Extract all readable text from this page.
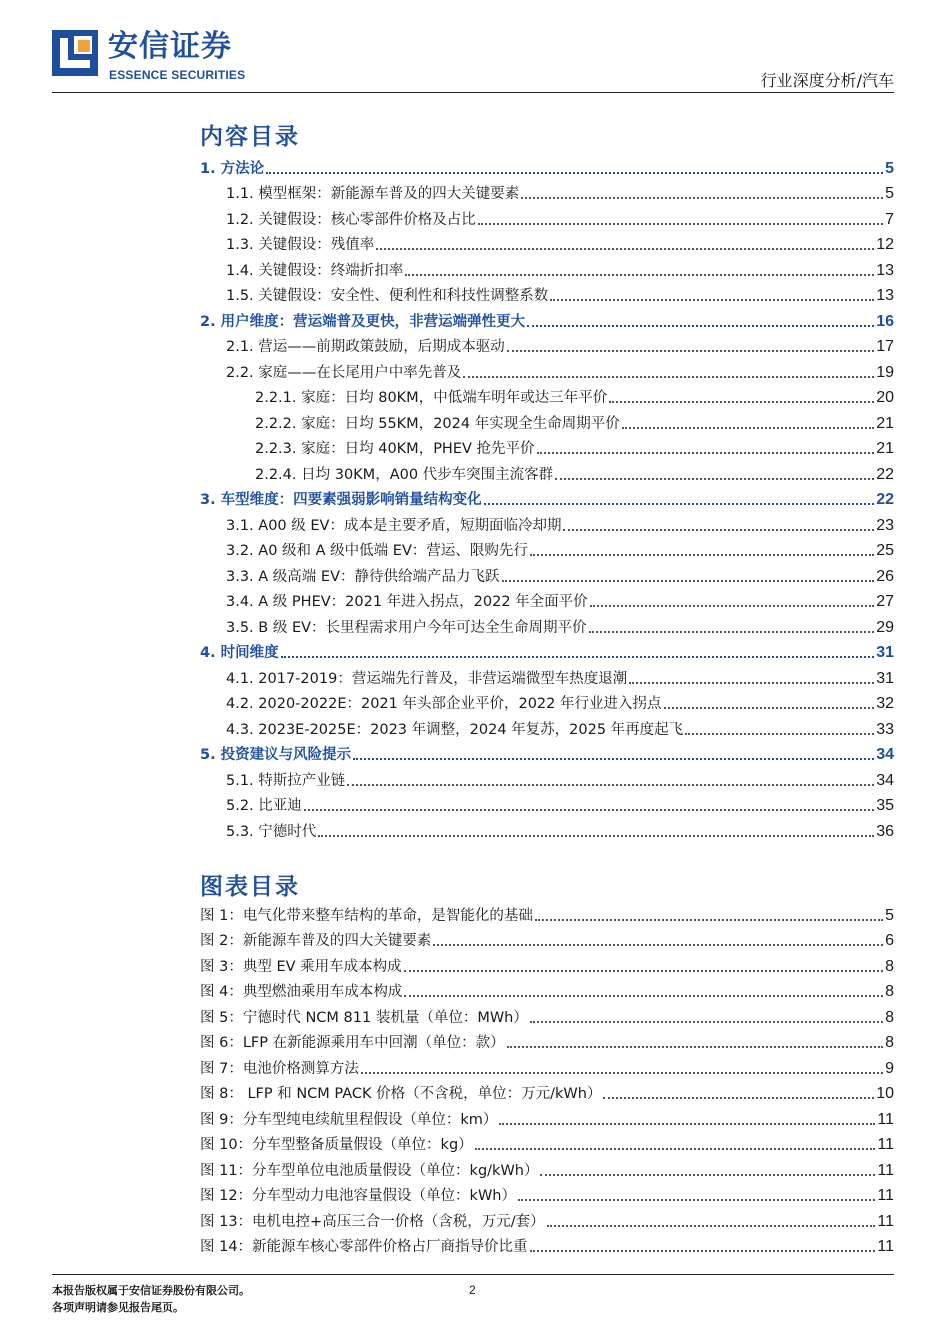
安信证券
ESSENCE SECURITIES	行业深度分析/汽车
内容目录
1. 方法论	5
1.1. 模型框架：新能源车普及的四大关键要素	5
1.2. 关键假设：核心零部件价格及占比	7
1.3. 关键假设：残值率	12
1.4. 关键假设：终端折扣率	13
1.5. 关键假设：安全性、便利性和科技性调整系数	13
2. 用户维度：营运端普及更快，非营运端弹性更大	16
2.1. 营运——前期政策鼓励，后期成本驱动	17
2.2. 家庭——在长尾用户中率先普及	19
2.2.1. 家庭：日均 80KM，中低端车明年或达三年平价	20
2.2.2. 家庭：日均 55KM，2024 年实现全生命周期平价	21
2.2.3. 家庭：日均 40KM，PHEV 抢先平价	21
2.2.4. 日均 30KM，A00 代步车突围主流客群	22
3. 车型维度：四要素强弱影响销量结构变化	22
3.1. A00 级 EV：成本是主要矛盾，短期面临冷却期	23
3.2. A0 级和 A 级中低端 EV：营运、限购先行	25
3.3. A 级高端 EV：静待供给端产品力飞跃	26
3.4. A 级 PHEV：2021 年进入拐点，2022 年全面平价	27
3.5. B 级 EV：长里程需求用户今年可达全生命周期平价	29
4. 时间维度	31
4.1. 2017-2019：营运端先行普及，非营运端微型车热度退潮	31
4.2. 2020-2022E：2021 年头部企业平价，2022 年行业进入拐点	32
4.3. 2023E-2025E：2023 年调整，2024 年复苏，2025 年再度起飞	33
5. 投资建议与风险提示	34
5.1. 特斯拉产业链	34
5.2. 比亚迪	35
5.3. 宁德时代	36
图表目录
图 1：电气化带来整车结构的革命，是智能化的基础	5
图 2：新能源车普及的四大关键要素	6
图 3：典型 EV 乘用车成本构成	8
图 4：典型燃油乘用车成本构成	8
图 5：宁德时代 NCM 811 装机量（单位：MWh）	8
图 6：LFP 在新能源乘用车中回潮（单位：款）	8
图 7：电池价格测算方法	9
图 8： LFP 和 NCM PACK 价格（不含税，单位：万元/kWh）	10
图 9：分车型纯电续航里程假设（单位：km）	11
图 10：分车型整备质量假设（单位：kg）	11
图 11：分车型单位电池质量假设（单位：kg/kWh）	11
图 12：分车型动力电池容量假设（单位：kWh）	11
图 13：电机电控+高压三合一价格（含税，万元/套）	11
图 14：新能源车核心零部件价格占厂商指导价比重	11
本报告版权属于安信证券股份有限公司。
各项声明请参见报告尾页。
2
